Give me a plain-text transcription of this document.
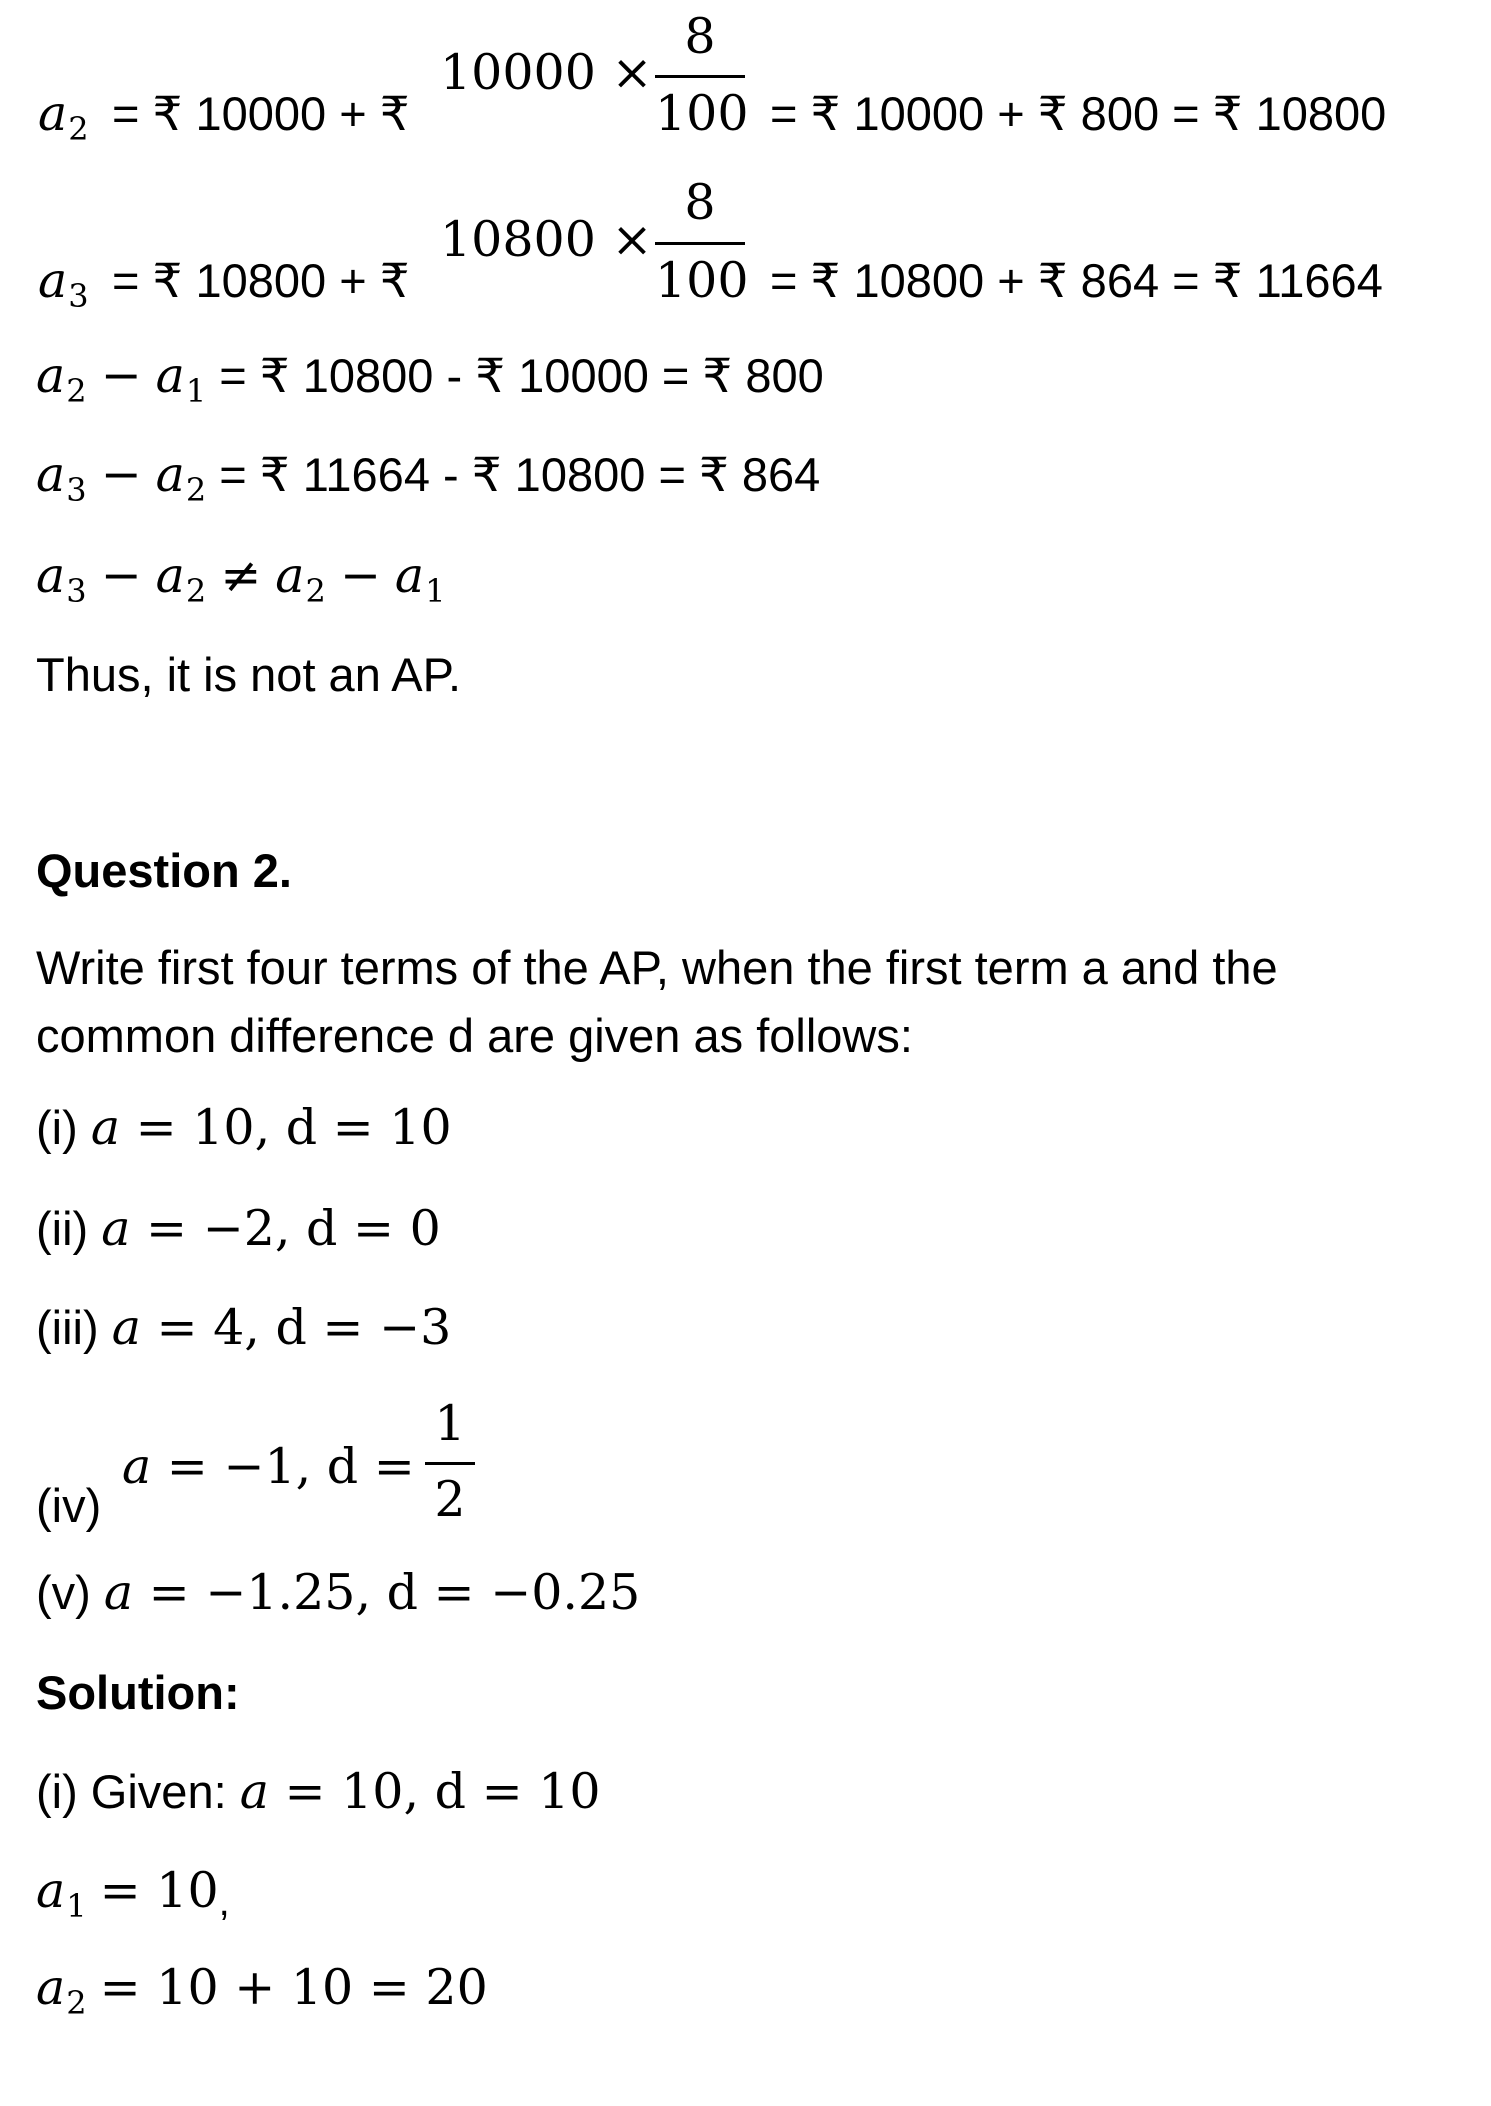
$a_2$ = ₹ 10000 + ₹
10000 ×
8
100 = ₹ 10000 + ₹ 800 = ₹ 10800
$a_3$ = ₹ 10800 + ₹
10800 ×
8
100 = ₹ 10800 + ₹ 864 = ₹ 11664
$a_2 - a_1$ = ₹ 10800 - ₹ 10000 = ₹ 800
$a_3 - a_2$ = ₹ 11664 - ₹ 10800 = ₹ 864
$a_3 - a_2 \ne a_2 - a_1$
Thus, it is not an AP.
Question 2.
Write first four terms of the AP, when the first term a and the
common difference d are given as follows:
(i) a = 10, d = 10
(ii) a = −2, d = 0
(iii) a = 4, d = −3
(iv)
a = −1, d =
1
2
(v) a = −1.25, d = −0.25
Solution:
(i) Given: a = 10, d = 10
$a_1 = 10$,
$a_2 = 10 + 10 = 20$
